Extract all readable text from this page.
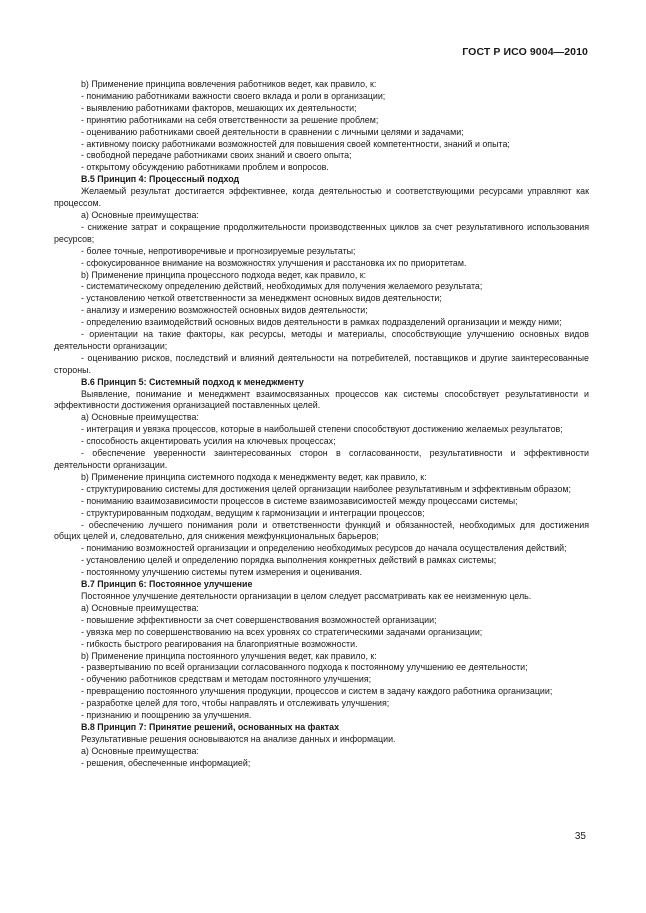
ГОСТ Р ИСО 9004—2010

b) Применение принципа вовлечения работников ведет, как правило, к:

- пониманию работниками важности своего вклада и роли в организации;

- выявлению работниками факторов, мешающих их деятельности;

- принятию работниками на себя ответственности за решение проблем;

- оцениванию работниками своей деятельности в сравнении с личными целями и задачами;

- активному поиску работниками возможностей для повышения своей компетентности, знаний и опыта;

- свободной передаче работниками своих знаний и своего опыта;

- открытому обсуждению работниками проблем и вопросов.

В.5 Принцип 4: Процессный подход

Желаемый результат достигается эффективнее, когда деятельностью и соответствующими ресурсами управляют как процессом.

а) Основные преимущества:

- снижение затрат и сокращение продолжительности производственных циклов за счет результативного использования ресурсов;

- более точные, непротиворечивые и прогнозируемые результаты;

- сфокусированное внимание на возможностях улучшения и расстановка их по приоритетам.

b) Применение принципа процессного подхода ведет, как правило, к:

- систематическому определению действий, необходимых для получения желаемого результата;

- установлению четкой ответственности за менеджмент основных видов деятельности;

- анализу и измерению возможностей основных видов деятельности;

- определению взаимодействий основных видов деятельности в рамках подразделений организации и между ними;

- ориентации на такие факторы, как ресурсы, методы и материалы, способствующие улучшению основных видов деятельности организации;

- оцениванию рисков, последствий и влияний деятельности на потребителей, поставщиков и другие заинтересованные стороны.

В.6 Принцип 5: Системный подход к менеджменту

Выявление, понимание и менеджмент взаимосвязанных процессов как системы способствует результативности и эффективности достижения организацией поставленных целей.

а) Основные преимущества:

- интеграция и увязка процессов, которые в наибольшей степени способствуют достижению желаемых результатов;

- способность акцентировать усилия на ключевых процессах;

- обеспечение уверенности заинтересованных сторон в согласованности, результативности и эффективности деятельности организации.

b) Применение принципа системного подхода к менеджменту ведет, как правило, к:

- структурированию системы для достижения целей организации наиболее результативным и эффективным образом;

- пониманию взаимозависимости процессов в системе взаимозависимостей между процессами системы;

- структурированным подходам, ведущим к гармонизации и интеграции процессов;

- обеспечению лучшего понимания роли и ответственности функций и обязанностей, необходимых для достижения общих целей и, следовательно, для снижения межфункциональных барьеров;

- пониманию возможностей организации и определению необходимых ресурсов до начала осуществления действий;

- установлению целей и определению порядка выполнения конкретных действий в рамках системы;

- постоянному улучшению системы путем измерения и оценивания.

В.7 Принцип 6: Постоянное улучшение

Постоянное улучшение деятельности организации в целом следует рассматривать как ее неизменную цель.

а) Основные преимущества:

- повышение эффективности за счет совершенствования возможностей организации;

- увязка мер по совершенствованию на всех уровнях со стратегическими задачами организации;

- гибкость быстрого реагирования на благоприятные возможности.

b) Применение принципа постоянного улучшения ведет, как правило, к:

- развертыванию по всей организации согласованного подхода к постоянному улучшению ее деятельности;

- обучению работников средствам и методам постоянного улучшения;

- превращению постоянного улучшения продукции, процессов и систем в задачу каждого работника организации;

- разработке целей для того, чтобы направлять и отслеживать улучшения;

- признанию и поощрению за улучшения.

В.8 Принцип 7: Принятие решений, основанных на фактах

Результативные решения основываются на анализе данных и информации.

а) Основные преимущества:

- решения, обеспеченные информацией;

35
